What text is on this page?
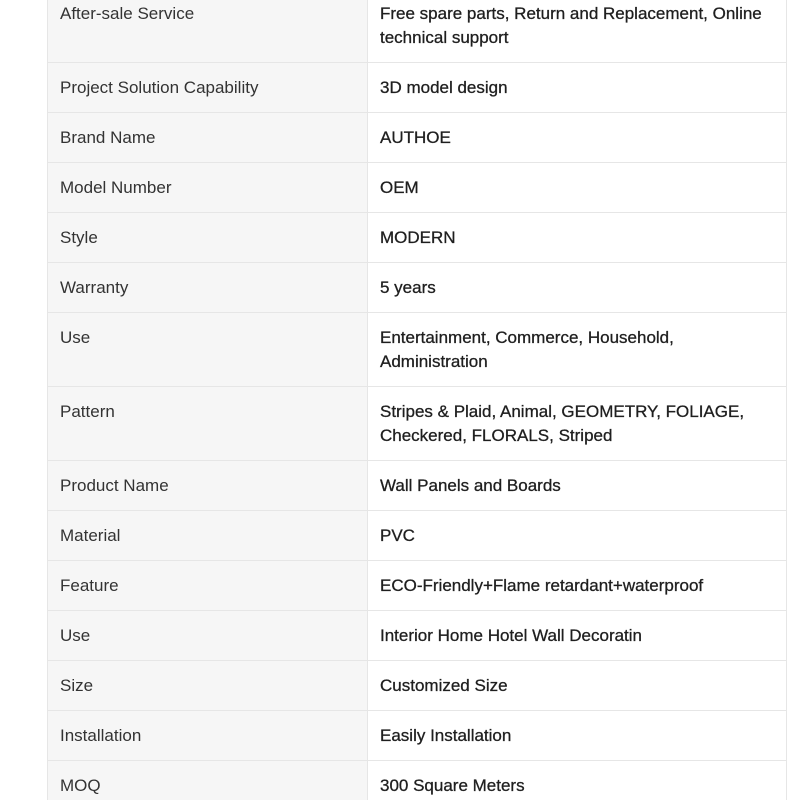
After-sale Service	Free spare parts, Return and Replacement, Online technical support
Project Solution Capability	3D model design
Brand Name	AUTHOE
Model Number	OEM
Style	MODERN
Warranty	5 years
Use	Entertainment, Commerce, Household, Administration
Pattern	Stripes & Plaid, Animal, GEOMETRY, FOLIAGE, Checkered, FLORALS, Striped
Product Name	Wall Panels and Boards
Material	PVC
Feature	ECO-Friendly+Flame retardant+waterproof
Use	Interior Home Hotel Wall Decoratin
Size	Customized Size
Installation	Easily Installation
MOQ	300 Square Meters
